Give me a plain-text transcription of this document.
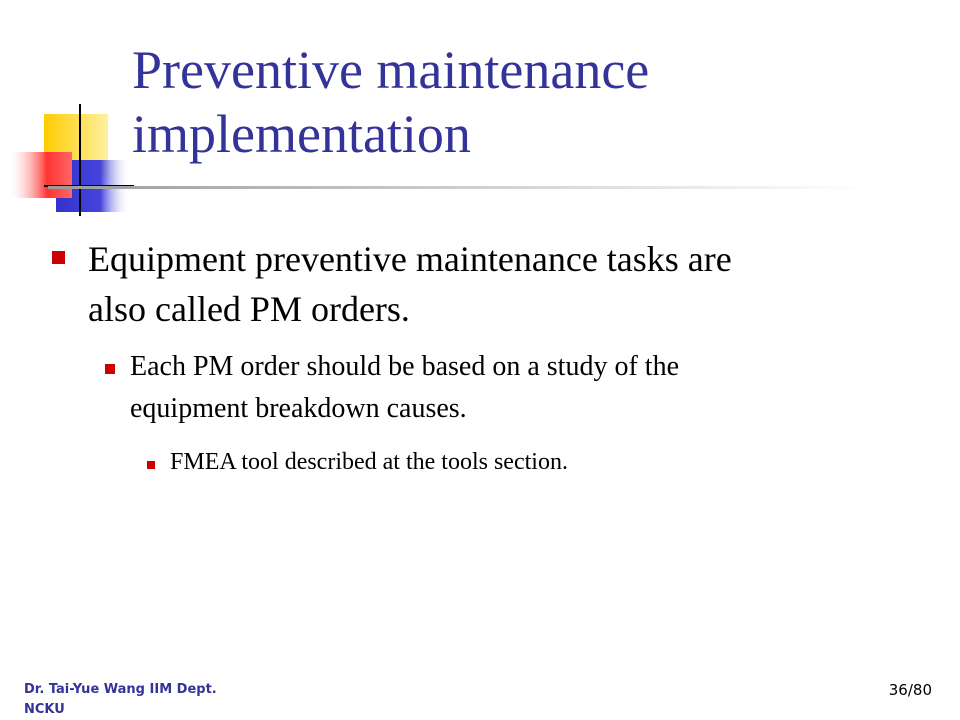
Preventive maintenance
implementation
Equipment preventive maintenance tasks are
also called PM orders.
Each PM order should be based on a study of the
equipment breakdown causes.
FMEA tool described at the tools section.
Dr. Tai-Yue Wang IIM Dept.
NCKU
36/80
